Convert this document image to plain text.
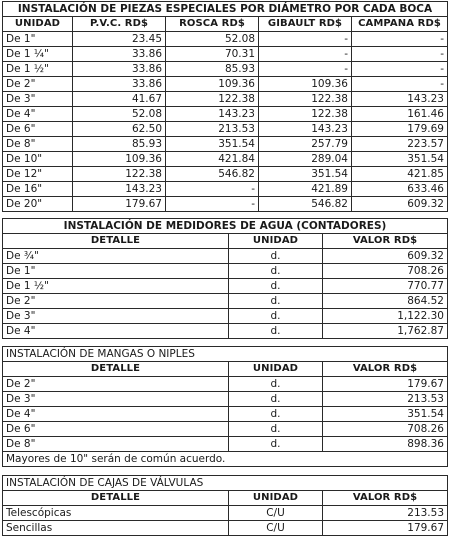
INSTALACIÓN DE PIEZAS ESPECIALES POR DIÁMETRO POR CADA BOCA				
UNIDAD	P.V.C. RD$	ROSCA RD$	GIBAULT RD$	CAMPANA RD$
De 1"	23.45	52.08	-	-
De 1 ¼"	33.86	70.31	-	-
De 1 ½"	33.86	85.93	-	-
De 2"	33.86	109.36	109.36	-
De 3"	41.67	122.38	122.38	143.23
De 4"	52.08	143.23	122.38	161.46
De 6"	62.50	213.53	143.23	179.69
De 8"	85.93	351.54	257.79	223.57
De 10"	109.36	421.84	289.04	351.54
De 12"	122.38	546.82	351.54	421.85
De 16"	143.23	-	421.89	633.46
De 20"	179.67	-	546.82	609.32
INSTALACIÓN DE MEDIDORES DE AGUA (CONTADORES)		
DETALLE	UNIDAD	VALOR RD$
De ¾"	d.	609.32
De 1"	d.	708.26
De 1 ½"	d.	770.77
De 2"	d.	864.52
De 3"	d.	1,122.30
De 4"	d.	1,762.87
INSTALACIÓN DE MANGAS O NIPLES		
DETALLE	UNIDAD	VALOR RD$
De 2"	d.	179.67
De 3"	d.	213.53
De 4"	d.	351.54
De 6"	d.	708.26
De 8"	d.	898.36
Mayores de 10" serán de común acuerdo.		
INSTALACIÓN DE CAJAS DE VÁLVULAS		
DETALLE	UNIDAD	VALOR RD$
Telescópicas	C/U	213.53
Sencillas	C/U	179.67
